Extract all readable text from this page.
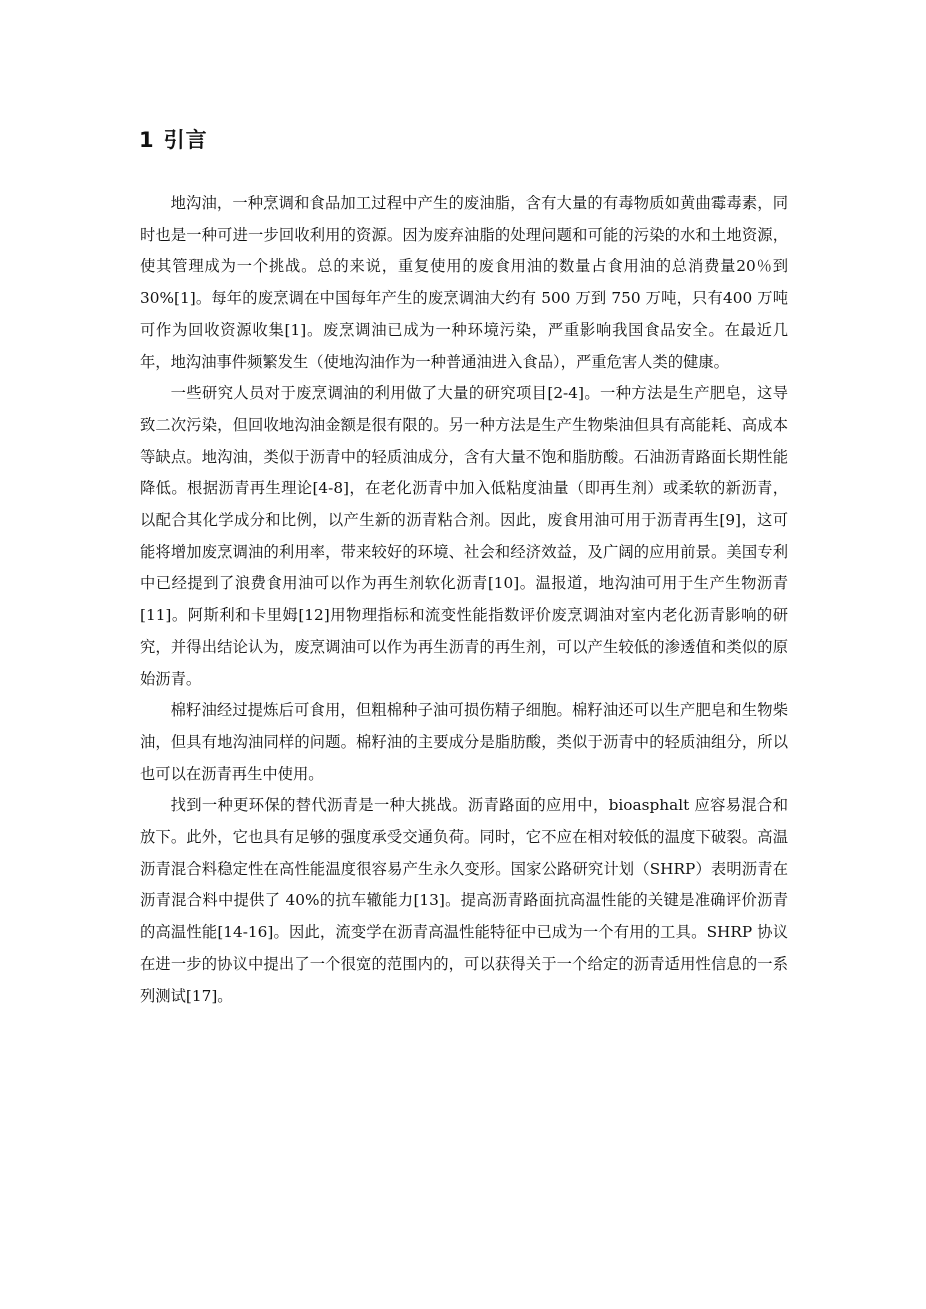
1 引言

地沟油，一种烹调和食品加工过程中产生的废油脂，含有大量的有毒物质如黄曲霉毒素，同时也是一种可进一步回收利用的资源。因为废弃油脂的处理问题和可能的污染的水和土地资源，使其管理成为一个挑战。总的来说，重复使用的废食用油的数量占食用油的总消费量20％到 30%[1]。每年的废烹调在中国每年产生的废烹调油大约有 500 万到 750 万吨，只有400 万吨可作为回收资源收集[1]。废烹调油已成为一种环境污染，严重影响我国食品安全。在最近几年，地沟油事件频繁发生（使地沟油作为一种普通油进入食品），严重危害人类的健康。

一些研究人员对于废烹调油的利用做了大量的研究项目[2-4]。一种方法是生产肥皂，这导致二次污染，但回收地沟油金额是很有限的。另一种方法是生产生物柴油但具有高能耗、高成本等缺点。地沟油，类似于沥青中的轻质油成分，含有大量不饱和脂肪酸。石油沥青路面长期性能降低。根据沥青再生理论[4-8]，在老化沥青中加入低粘度油量（即再生剂）或柔软的新沥青，以配合其化学成分和比例，以产生新的沥青粘合剂。因此，废食用油可用于沥青再生[9]，这可能将增加废烹调油的利用率，带来较好的环境、社会和经济效益，及广阔的应用前景。美国专利中已经提到了浪费食用油可以作为再生剂软化沥青[10]。温报道，地沟油可用于生产生物沥青[11]。阿斯利和卡里姆[12]用物理指标和流变性能指数评价废烹调油对室内老化沥青影响的研究，并得出结论认为，废烹调油可以作为再生沥青的再生剂，可以产生较低的渗透值和类似的原始沥青。

棉籽油经过提炼后可食用，但粗棉种子油可损伤精子细胞。棉籽油还可以生产肥皂和生物柴油，但具有地沟油同样的问题。棉籽油的主要成分是脂肪酸，类似于沥青中的轻质油组分，所以也可以在沥青再生中使用。

找到一种更环保的替代沥青是一种大挑战。沥青路面的应用中，bioasphalt 应容易混合和放下。此外，它也具有足够的强度承受交通负荷。同时，它不应在相对较低的温度下破裂。高温沥青混合料稳定性在高性能温度很容易产生永久变形。国家公路研究计划（SHRP）表明沥青在沥青混合料中提供了 40%的抗车辙能力[13]。提高沥青路面抗高温性能的关键是准确评价沥青的高温性能[14-16]。因此，流变学在沥青高温性能特征中已成为一个有用的工具。SHRP 协议在进一步的协议中提出了一个很宽的范围内的，可以获得关于一个给定的沥青适用性信息的一系列测试[17]。
